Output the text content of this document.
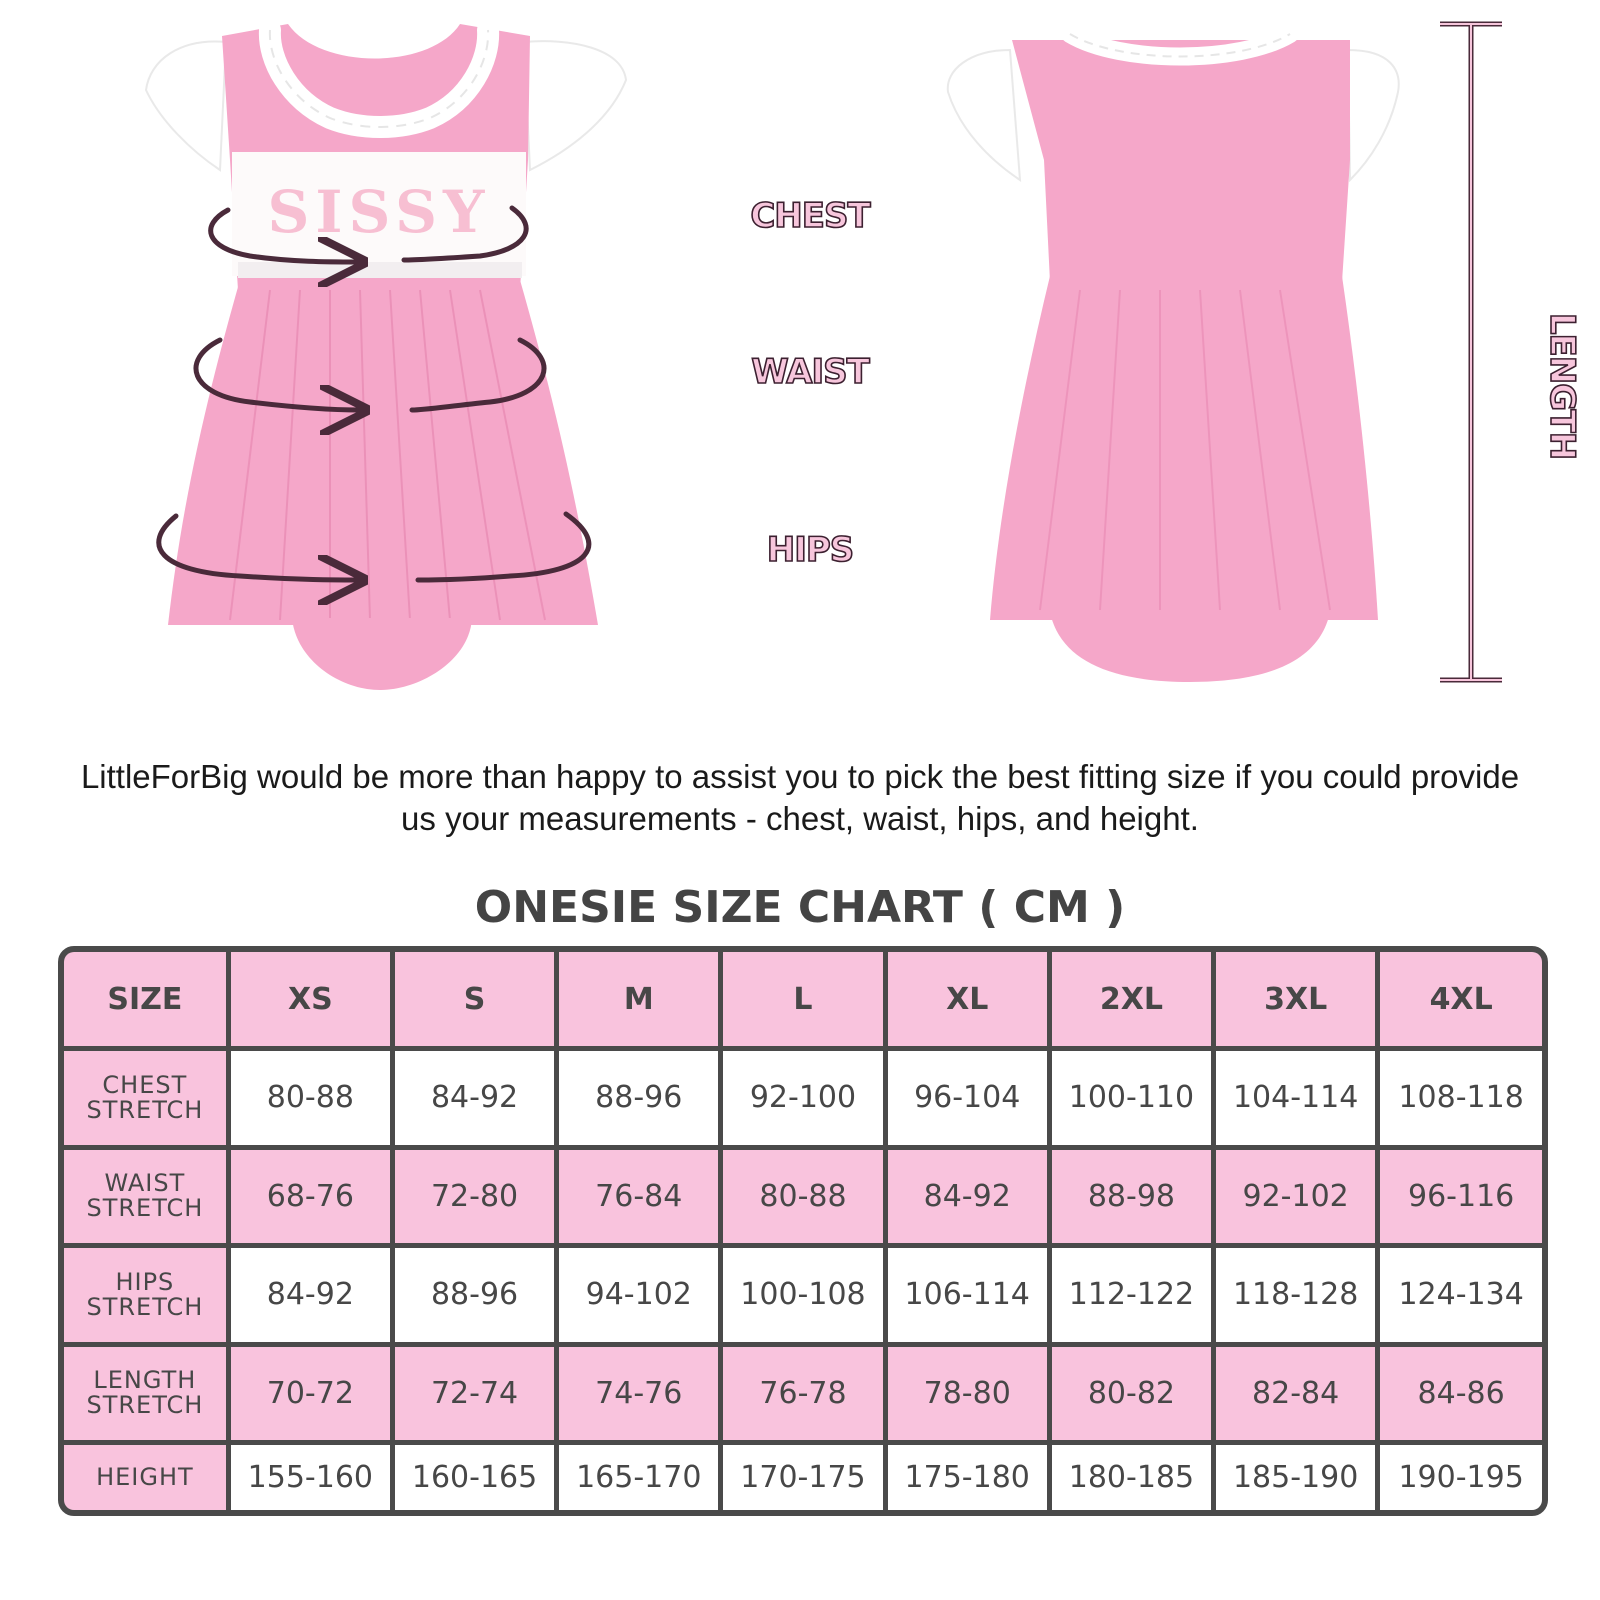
SISSY	CHEST
WAIST
HIPS
LENGTH
LittleForBig would be more than happy to assist you to pick the best fitting size if you could provide us your measurements - chest, waist, hips, and height.
ONESIE SIZE CHART ( CM )
SIZE	XS	S	M	L	XL	2XL	3XL	4XL

CHEST
STRETCH	80-88	84-92	88-96	92-100	96-104	100-110	104-114	108-118

WAIST
STRETCH	68-76	72-80	76-84	80-88	84-92	88-98	92-102	96-116

HIPS
STRETCH	84-92	88-96	94-102	100-108	106-114	112-122	118-128	124-134

LENGTH
STRETCH	70-72	72-74	74-76	76-78	78-80	80-82	82-84	84-86

HEIGHT	155-160	160-165	165-170	170-175	175-180	180-185	185-190	190-195
